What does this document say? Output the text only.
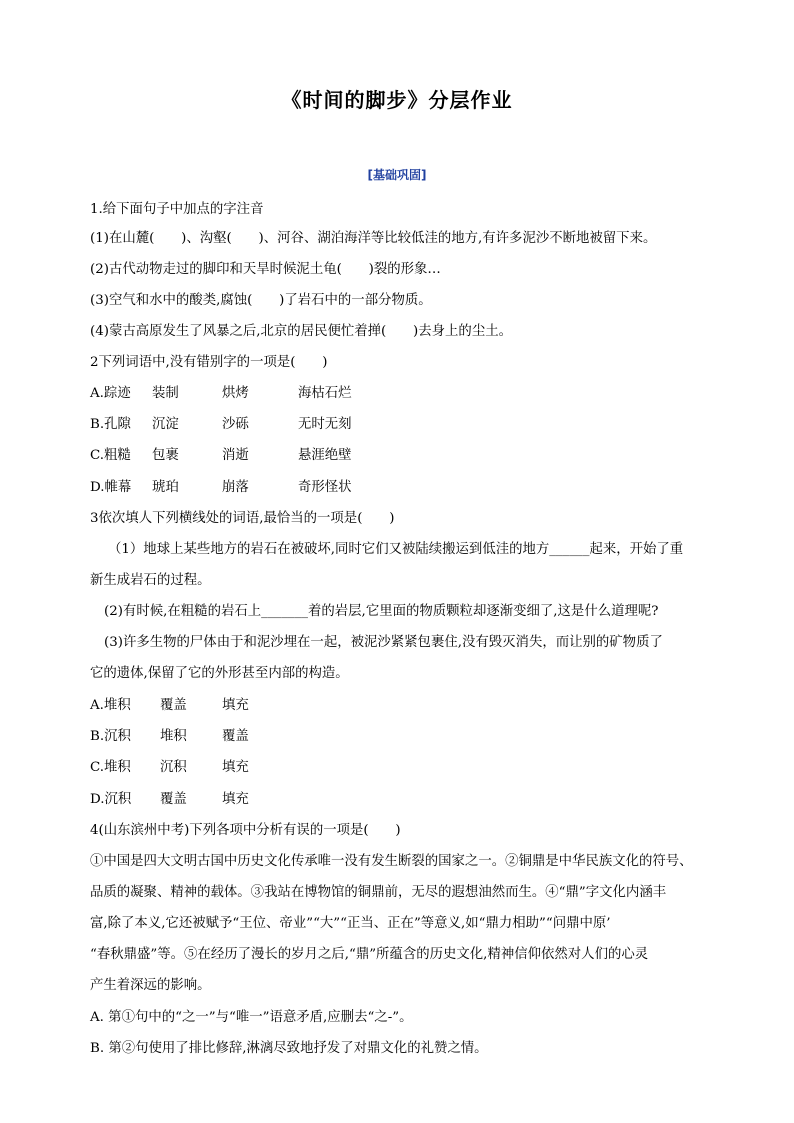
《时间的脚步》分层作业
[基础巩固]
1.给下面句子中加点的字注音
(1)在山麓(　　)、沟壑(　　)、河谷、湖泊海洋等比较低洼的地方,有许多泥沙不断地被留下来。
(2)古代动物走过的脚印和天旱时候泥土龟(　　)裂的形象…
(3)空气和水中的酸类,腐蚀(　　)了岩石中的一部分物质。
(4)蒙古高原发生了风暴之后,北京的居民便忙着掸(　　)去身上的尘土。
2下列词语中,没有错别字的一项是(　　)
A.踪迹 装制	烘烤	海枯石烂
B.孔隙 沉淀	沙砾	无时无刻
C.粗糙 包裹	消逝	悬涯绝壁
D.帷幕 琥珀	崩落	奇形怪状
3依次填人下列横线处的词语,最恰当的一项是(　　)
（1）地球上某些地方的岩石在被破坏,同时它们又被陆续搬运到低洼的地方______起来，开始了重
新生成岩石的过程。
(2)有时候,在粗糙的岩石上_______着的岩层,它里面的物质颗粒却逐渐变细了,这是什么道理呢?
(3)许多生物的尸体由于和泥沙埋在一起，被泥沙紧紧包裹住,没有毁灭消失，而让别的矿物质了
它的遗体,保留了它的外形甚至内部的构造。
A.堆积 覆盖	填充
B.沉积 堆积	覆盖
C.堆积 沉积	填充
D.沉积 覆盖	填充
4(山东滨州中考)下列各项中分析有误的一项是(　　)
①中国是四大文明古国中历史文化传承唯一没有发生断裂的国家之一。②铜鼎是中华民族文化的符号、
品质的凝聚、精神的载体。③我站在博物馆的铜鼎前，无尽的遐想油然而生。④“鼎”字文化内涵丰
富,除了本义,它还被赋予“王位、帝业”“大”“正当、正在”等意义,如“鼎力相助”“问鼎中原’
“春秋鼎盛”等。⑤在经历了漫长的岁月之后,“鼎”所蕴含的历史文化,精神信仰依然对人们的心灵
产生着深远的影响。
A. 第①句中的“之一”与“唯一”语意矛盾,应删去“之-”。
B. 第②句使用了排比修辞,淋漓尽致地抒发了对鼎文化的礼赞之情。
